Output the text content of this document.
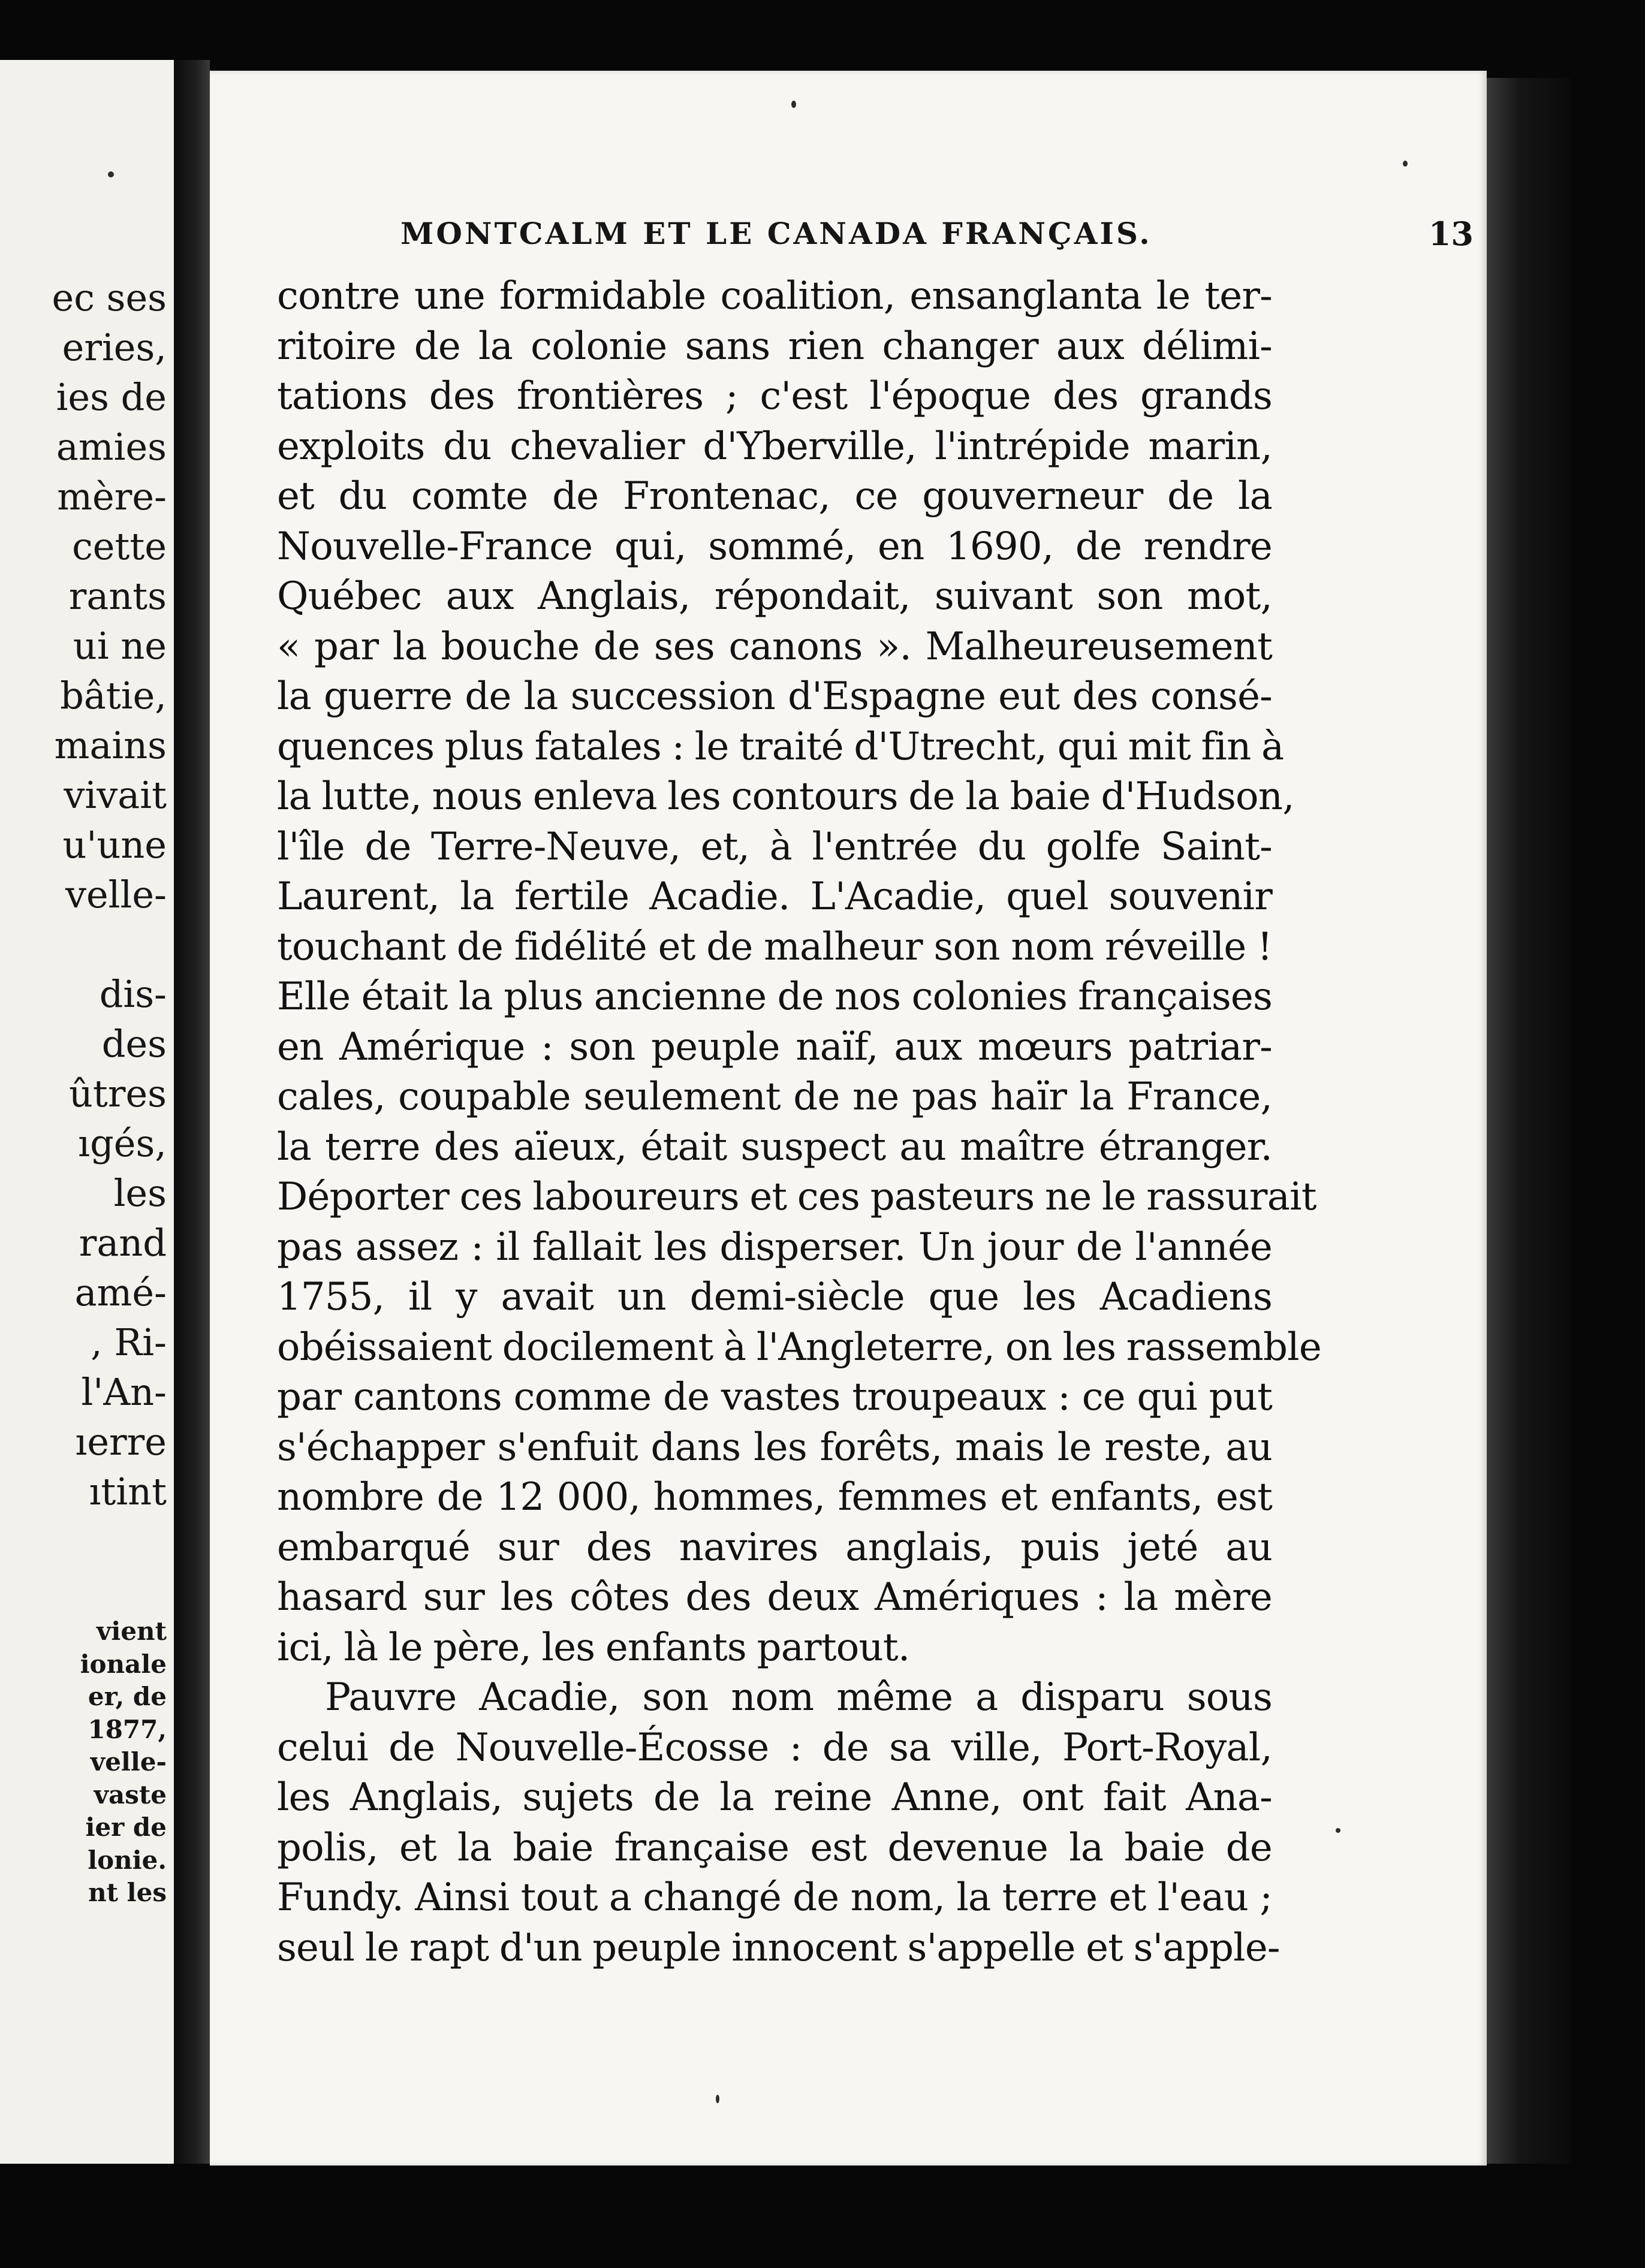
ec ses
eries,
ies de
amies
mère-
cette
rants
ui ne
bâtie,
mains
vivait
u'une
velle-
dis-
des
ûtres
ıgés,
les
rand
amé-
, Ri-
l'An-
ıerre
ıtint
vient
ionale
er, de
1877,
velle-
vaste
ier de
lonie.
nt les
MONTCALM ET LE CANADA FRANÇAIS.	13
contre une formidable coalition, ensanglanta le ter-
ritoire de la colonie sans rien changer aux délimi-
tations des frontières ; c'est l'époque des grands
exploits du chevalier d'Yberville, l'intrépide marin,
et du comte de Frontenac, ce gouverneur de la
Nouvelle-France qui, sommé, en 1690, de rendre
Québec aux Anglais, répondait, suivant son mot,
« par la bouche de ses canons ». Malheureusement
la guerre de la succession d'Espagne eut des consé-
quences plus fatales : le traité d'Utrecht, qui mit fin à
la lutte, nous enleva les contours de la baie d'Hudson,
l'île de Terre-Neuve, et, à l'entrée du golfe Saint-
Laurent, la fertile Acadie. L'Acadie, quel souvenir
touchant de fidélité et de malheur son nom réveille !
Elle était la plus ancienne de nos colonies françaises
en Amérique : son peuple naïf, aux mœurs patriar-
cales, coupable seulement de ne pas haïr la France,
la terre des aïeux, était suspect au maître étranger.
Déporter ces laboureurs et ces pasteurs ne le rassurait
pas assez : il fallait les disperser. Un jour de l'année
1755, il y avait un demi-siècle que les Acadiens
obéissaient docilement à l'Angleterre, on les rassemble
par cantons comme de vastes troupeaux : ce qui put
s'échapper s'enfuit dans les forêts, mais le reste, au
nombre de 12 000, hommes, femmes et enfants, est
embarqué sur des navires anglais, puis jeté au
hasard sur les côtes des deux Amériques : la mère
ici, là le père, les enfants partout.
Pauvre Acadie, son nom même a disparu sous
celui de Nouvelle-Écosse : de sa ville, Port-Royal,
les Anglais, sujets de la reine Anne, ont fait Ana-
polis, et la baie française est devenue la baie de
Fundy. Ainsi tout a changé de nom, la terre et l'eau ;
seul le rapt d'un peuple innocent s'appelle et s'apple-
